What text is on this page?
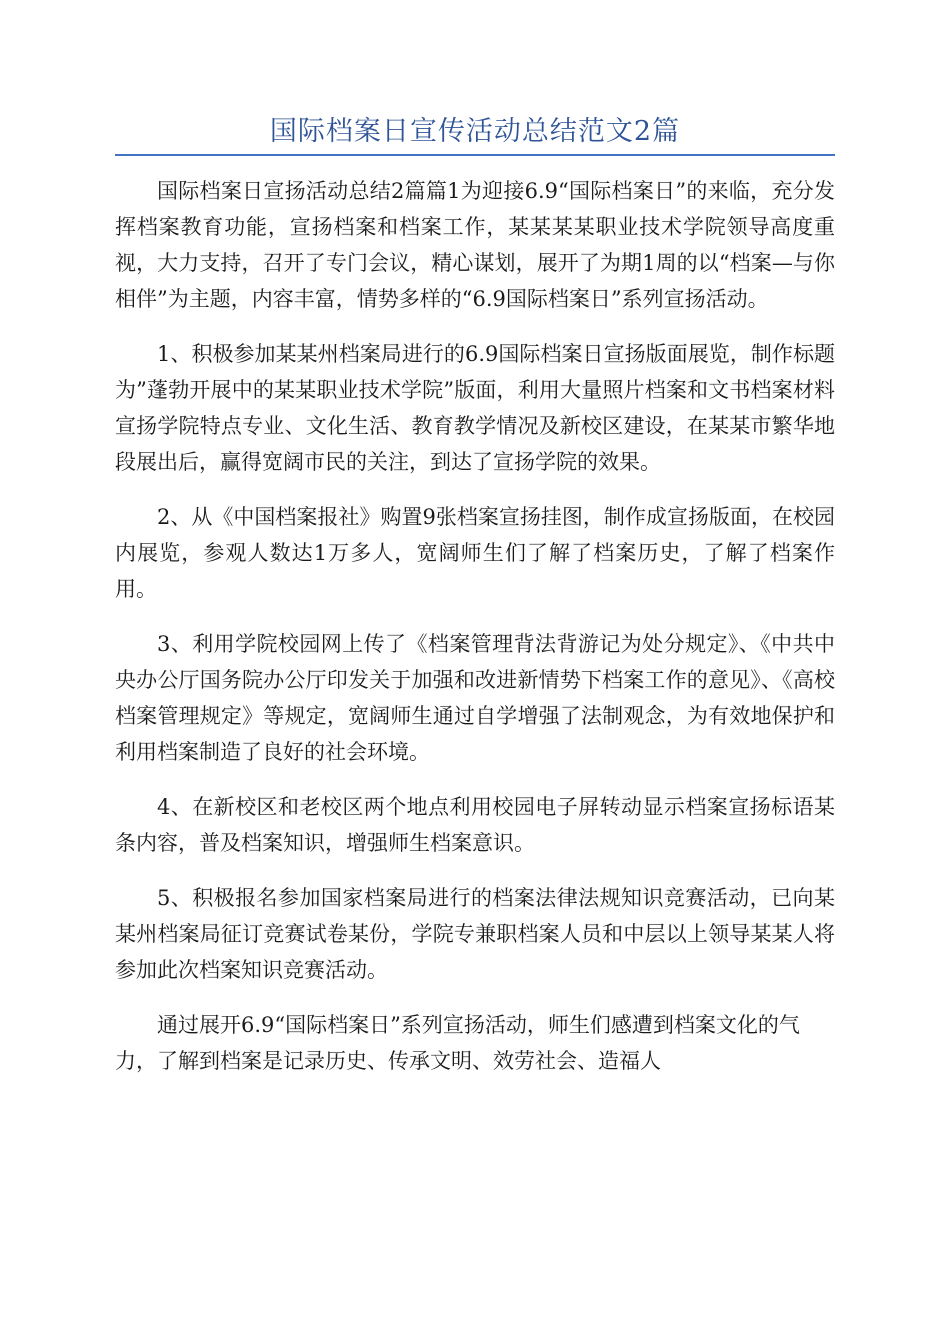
国际档案日宣传活动总结范文2篇

国际档案日宣扬活动总结2篇篇1为迎接6.9“国际档案日”的来临，充分发挥档案教育功能，宣扬档案和档案工作，某某某某职业技术学院领导高度重视，大力支持，召开了专门会议，精心谋划，展开了为期1周的以“档案—与你相伴”为主题，内容丰富，情势多样的“6.9国际档案日”系列宣扬活动。

1、积极参加某某州档案局进行的6.9国际档案日宣扬版面展览，制作标题为”蓬勃开展中的某某职业技术学院”版面，利用大量照片档案和文书档案材料宣扬学院特点专业、文化生活、教育教学情况及新校区建设，在某某市繁华地段展出后，赢得宽阔市民的关注，到达了宣扬学院的效果。

2、从《中国档案报社》购置9张档案宣扬挂图，制作成宣扬版面，在校园内展览，参观人数达1万多人，宽阔师生们了解了档案历史，了解了档案作用。

3、利用学院校园网上传了《档案管理背法背游记为处分规定》、《中共中央办公厅国务院办公厅印发关于加强和改进新情势下档案工作的意见》、《高校档案管理规定》等规定，宽阔师生通过自学增强了法制观念，为有效地保护和利用档案制造了良好的社会环境。

4、在新校区和老校区两个地点利用校园电子屏转动显示档案宣扬标语某条内容，普及档案知识，增强师生档案意识。

5、积极报名参加国家档案局进行的档案法律法规知识竞赛活动，已向某某州档案局征订竞赛试卷某份，学院专兼职档案人员和中层以上领导某某人将参加此次档案知识竞赛活动。

通过展开6.9“国际档案日”系列宣扬活动，师生们感遭到档案文化的气力，了解到档案是记录历史、传承文明、效劳社会、造福人
